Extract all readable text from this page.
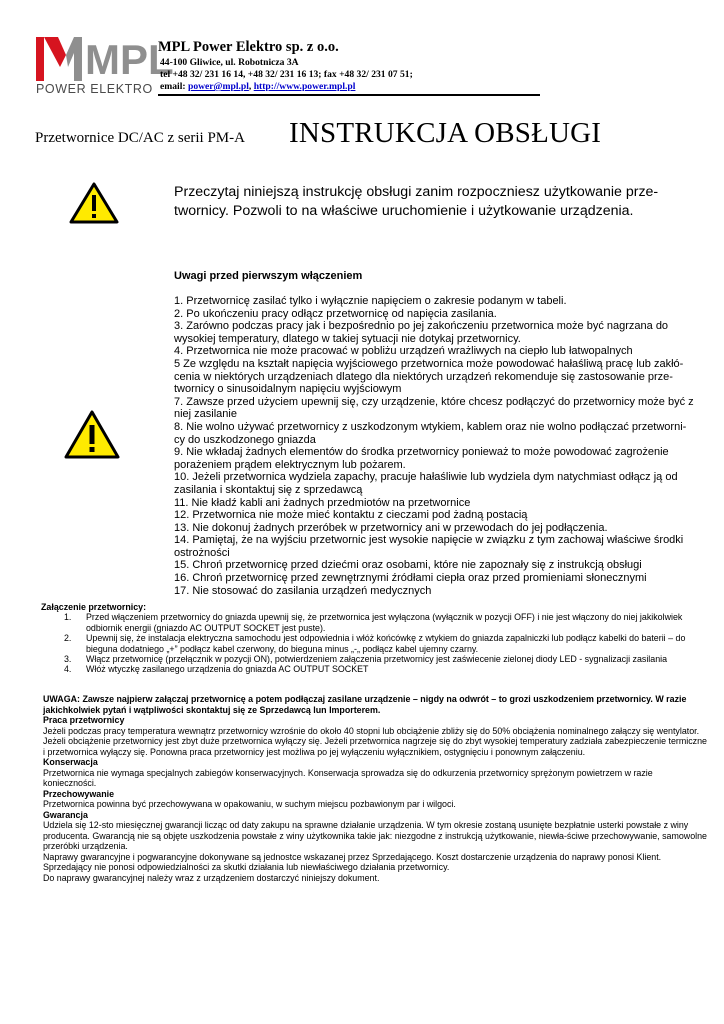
MPL
POWER ELEKTRO
MPL Power Elektro sp. z o.o.
44-100 Gliwice, ul. Robotnicza 3A
tel +48 32/ 231 16 14, +48 32/ 231 16 13; fax +48 32/ 231 07 51;
email: power@mpl.pl, http://www.power.mpl.pl
Przetwornice DC/AC z serii PM-A INSTRUKCJA OBSŁUGI
Przeczytaj niniejszą instrukcję obsługi zanim rozpoczniesz użytkowanie prze-twornicy. Pozwoli to na właściwe uruchomienie i użytkowanie urządzenia.
Uwagi przed pierwszym włączeniem
1. Przetwornicę zasilać tylko i wyłącznie napięciem o zakresie podanym w tabeli.
2. Po ukończeniu pracy odłącz przetwornicę od napięcia zasilania.
3. Zarówno podczas pracy jak i bezpośrednio po jej zakończeniu przetwornica może być nagrzana do wysokiej temperatury, dlatego w takiej sytuacji nie dotykaj przetwornicy.
4. Przetwornica nie może pracować w pobliżu urządzeń wrażliwych na ciepło lub łatwopalnych
5 Ze względu na kształt napięcia wyjściowego przetwornica może powodować hałaśliwą pracę lub zakłó-cenia w niektórych urządzeniach dlatego dla niektórych urządzeń rekomenduje się zastosowanie prze-twornicy o sinusoidalnym napięciu wyjściowym
7. Zawsze przed użyciem upewnij się, czy urządzenie, które chcesz podłączyć do przetwornicy może być z niej zasilanie
8. Nie wolno używać przetwornicy z uszkodzonym wtykiem, kablem oraz nie wolno podłączać przetworni-cy do uszkodzonego gniazda
9. Nie wkładaj żadnych elementów do środka przetwornicy ponieważ to może powodować zagrożenie porażeniem prądem elektrycznym lub pożarem.
10. Jeżeli przetwornica wydziela zapachy, pracuje hałaśliwie lub wydziela dym natychmiast odłącz ją od zasilania i skontaktuj się z sprzedawcą
11. Nie kładź kabli ani żadnych przedmiotów na przetwornice
12. Przetwornica nie może mieć kontaktu z cieczami pod żadną postacią
13. Nie dokonuj żadnych przeróbek w przetwornicy ani w przewodach do jej podłączenia.
14. Pamiętaj, że na wyjściu przetwornic jest wysokie napięcie w związku z tym zachowaj właściwe środki ostrożności
15. Chroń przetwornicę przed dziećmi oraz osobami, które nie zapoznały się z instrukcją obsługi
16. Chroń przetwornicę przed zewnętrznymi źródłami ciepła oraz przed promieniami słonecznymi
17. Nie stosować do zasilania urządzeń medycznych
Załączenie przetwornicy:
1. Przed włączeniem przetwornicy do gniazda upewnij się, że przetwornica jest wyłączona (wyłącznik w pozycji OFF) i nie jest włączony do niej jakikolwiek odbiornik energii (gniazdo AC OUTPUT SOCKET jest puste).
2. Upewnij się, że instalacja elektryczna samochodu jest odpowiednia i włóż końcówkę z wtykiem do gniazda zapalniczki lub podłącz kabelki do baterii – do bieguna dodatniego „+” podłącz kabel czerwony, do bieguna minus „-„ podłącz kabel ujemny czarny.
3. Włącz przetwornicę (przełącznik w pozycji ON), potwierdzeniem załączenia przetwornicy jest zaświecenie zielonej diody LED - sygnalizacji zasilania
4. Włóż wtyczkę zasilanego urządzenia do gniazda AC OUTPUT SOCKET

UWAGA: Zawsze najpierw załączaj przetwornicę a potem podłączaj zasilane urządzenie – nigdy na odwrót – to grozi uszkodzeniem przetwornicy. W razie jakichkolwiek pytań i wątpliwości skontaktuj się ze Sprzedawcą lun Importerem.

Praca przetwornicy

Jeżeli podczas pracy temperatura wewnątrz przetwornicy wzrośnie do około 40 stopni lub obciążenie zbliży się do 50% obciążenia nominalnego załączy się wentylator. Jeżeli obciążenie przetwornicy jest zbyt duże przetwornica wyłączy się. Jeżeli przetwornica nagrzeje się do zbyt wysokiej temperatury zadziała zabezpieczenie termiczne i przetwornica wyłączy się. Ponowna praca przetwornicy jest możliwa po jej wyłączeniu wyłącznikiem, ostygnięciu i ponownym załączeniu.

Konserwacja

Przetwornica nie wymaga specjalnych zabiegów konserwacyjnych. Konserwacja sprowadza się do odkurzenia przetwornicy sprężonym powietrzem w razie konieczności.

Przechowywanie

Przetwornica powinna być przechowywana w opakowaniu, w suchym miejscu pozbawionym par i wilgoci.

Gwarancja

Udziela się 12-sto miesięcznej gwarancji licząc od daty zakupu na sprawne działanie urządzenia. W tym okresie zostaną usunięte bezpłatnie usterki powstałe z winy producenta. Gwarancją nie są objęte uszkodzenia powstałe z winy użytkownika takie jak: niezgodne z instrukcją użytkowanie, niewła-ściwe przechowywanie, samowolne przeróbki urządzenia.

Naprawy gwarancyjne i pogwarancyjne dokonywane są jednostce wskazanej przez Sprzedającego. Koszt dostarczenie urządzenia do naprawy ponosi Klient.

Sprzedający nie ponosi odpowiedzialności za skutki działania lub niewłaściwego działania przetwornicy.

Do naprawy gwarancyjnej należy wraz z urządzeniem dostarczyć niniejszy dokument.
